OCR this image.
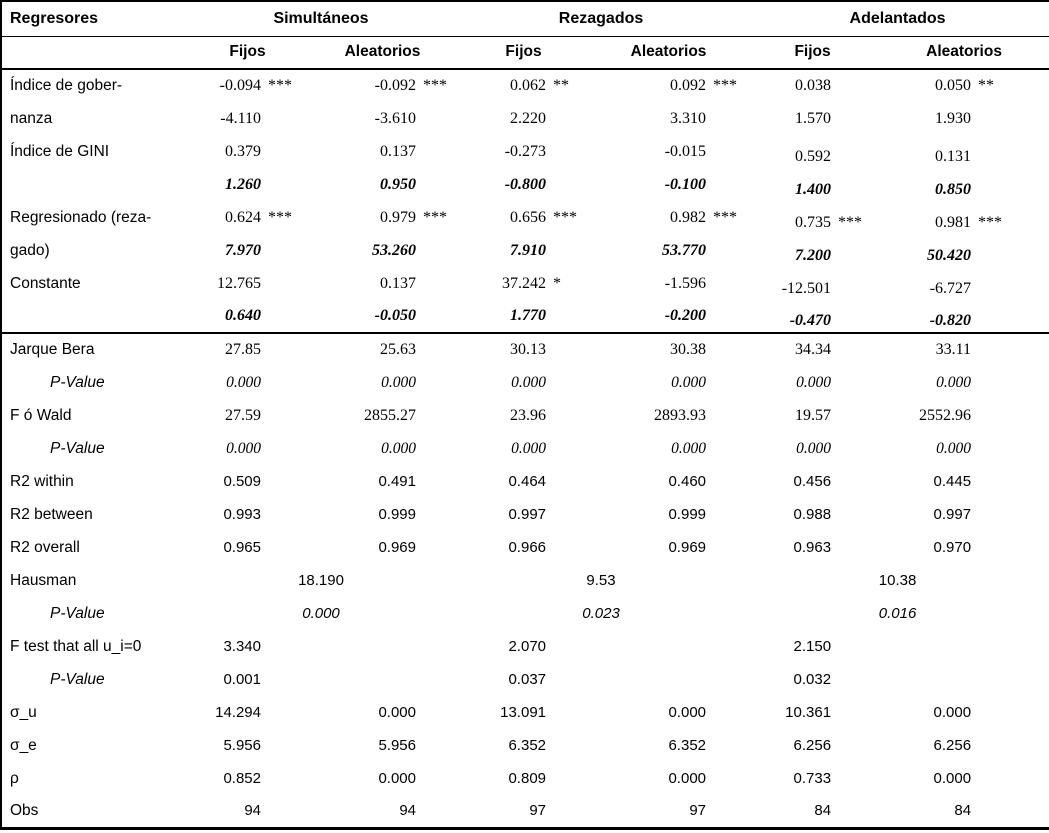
Regresores	Simultáneos				Rezagados				Adelantados			
	Fijos		Aleatorios		Fijos		Aleatorios		Fijos		Aleatorios	
Índice de gober-	-0.094	***	-0.092	***	0.062	**	0.092	***	0.038		0.050	**
nanza	-4.110		-3.610		2.220		3.310		1.570		1.930	
Índice de GINI	0.379		0.137		-0.273		-0.015		0.592		0.131	
	1.260		0.950		-0.800		-0.100		1.400		0.850	
Regresionado (reza-	0.624	***	0.979	***	0.656	***	0.982	***	0.735	***	0.981	***
gado)	7.970		53.260		7.910		53.770		7.200		50.420	
Constante	12.765		0.137		37.242	*	-1.596		-12.501		-6.727	
	0.640		-0.050		1.770		-0.200		-0.470		-0.820	
Jarque Bera	27.85		25.63		30.13		30.38		34.34		33.11	
P-Value	0.000		0.000		0.000		0.000		0.000		0.000	
F ó Wald	27.59		2855.27		23.96		2893.93		19.57		2552.96	
P-Value	0.000		0.000		0.000		0.000		0.000		0.000	
R2 within	0.509		0.491		0.464		0.460		0.456		0.445	
R2 between	0.993		0.999		0.997		0.999		0.988		0.997	
R2 overall	0.965		0.969		0.966		0.969		0.963		0.970	
Hausman	18.190				9.53				10.38			
P-Value	0.000				0.023				0.016			
F test that all u_i=0	3.340				2.070				2.150			
P-Value	0.001				0.037				0.032			
σ_u	14.294		0.000		13.091		0.000		10.361		0.000	
σ_e	5.956		5.956		6.352		6.352		6.256		6.256	
ρ	0.852		0.000		0.809		0.000		0.733		0.000	
Obs	94		94		97		97		84		84	
